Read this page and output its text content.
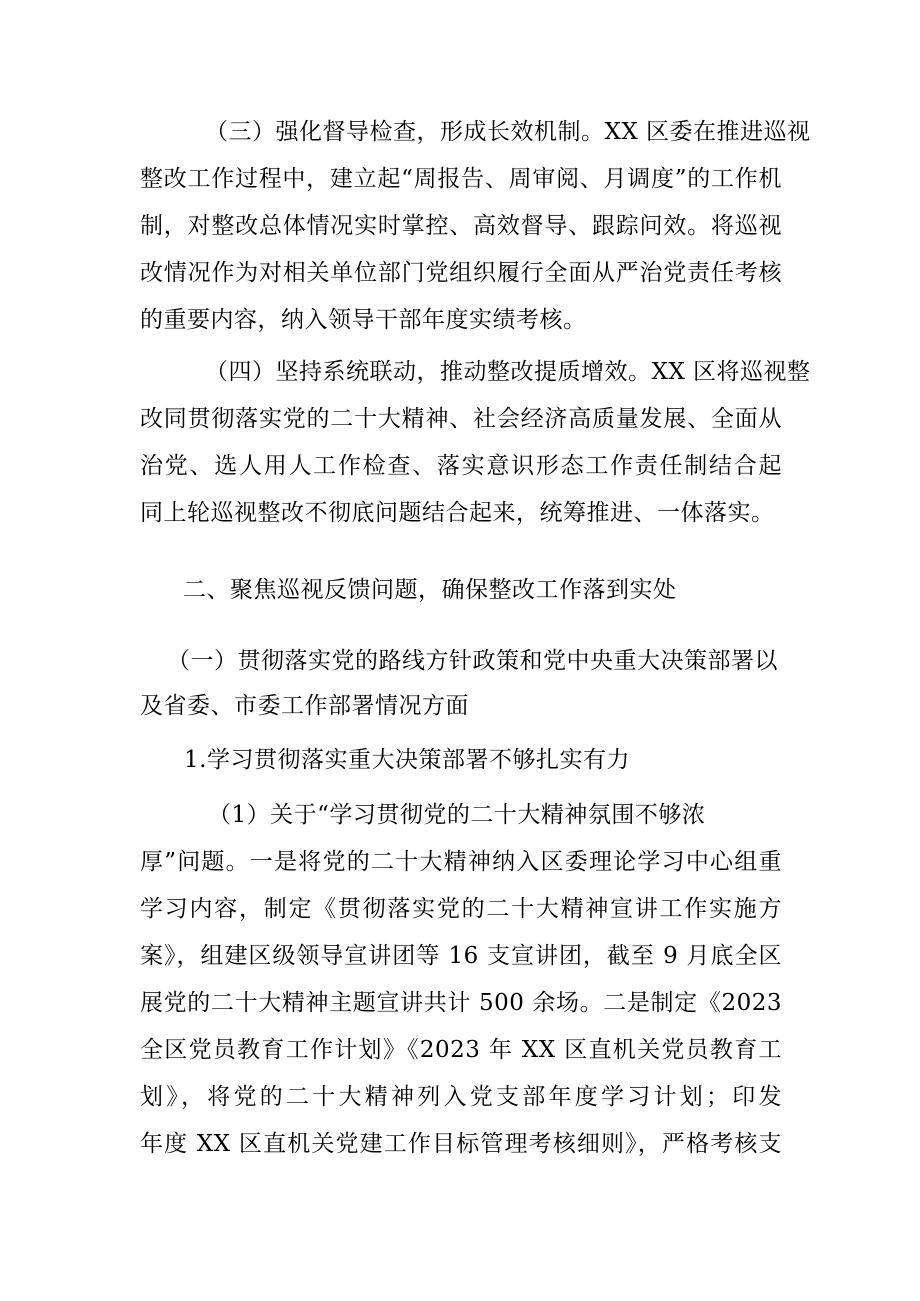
（三）强化督导检查，形成长效机制。XX 区委在推进巡视
整改工作过程中，建立起“周报告、周审阅、月调度”的工作机
制，对整改总体情况实时掌控、高效督导、跟踪问效。将巡视
改情况作为对相关单位部门党组织履行全面从严治党责任考核
的重要内容，纳入领导干部年度实绩考核。
（四）坚持系统联动，推动整改提质增效。XX 区将巡视整
改同贯彻落实党的二十大精神、社会经济高质量发展、全面从
治党、选人用人工作检查、落实意识形态工作责任制结合起
同上轮巡视整改不彻底问题结合起来，统筹推进、一体落实。
二、聚焦巡视反馈问题，确保整改工作落到实处
（一）贯彻落实党的路线方针政策和党中央重大决策部署以
及省委、市委工作部署情况方面
1.学习贯彻落实重大决策部署不够扎实有力
（1）关于“学习贯彻党的二十大精神氛围不够浓
厚”问题。一是将党的二十大精神纳入区委理论学习中心组重
学习内容，制定《贯彻落实党的二十大精神宣讲工作实施方
案》，组建区级领导宣讲团等 16 支宣讲团，截至 9 月底全区
展党的二十大精神主题宣讲共计 500 余场。二是制定《2023
全区党员教育工作计划》《2023 年 XX 区直机关党员教育工
划》，将党的二十大精神列入党支部年度学习计划；印发
年度 XX 区直机关党建工作目标管理考核细则》，严格考核支
